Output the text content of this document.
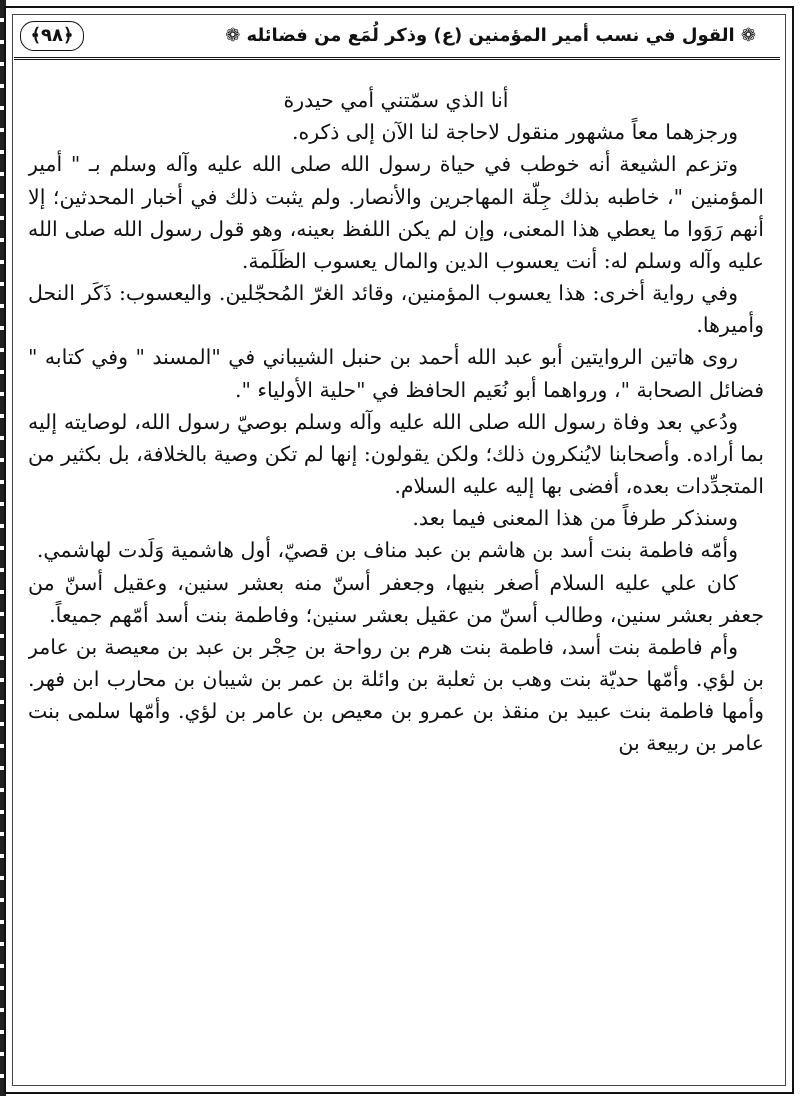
❁ القول في نسب أمير المؤمنين (ع) وذكر لُمَع من فضائله ❁
﴿٩٨﴾

أنا الذي سمّتني أمي حيدرة

ورجزهما معاً مشهور منقول لاحاجة لنا الآن إلى ذكره.

وتزعم الشيعة أنه خوطب في حياة رسول الله صلى الله عليه وآله وسلم بـ " أمير المؤمنين "، خاطبه بذلك جِلّة المهاجرين والأنصار. ولم يثبت ذلك في أخبار المحدثين؛ إلا أنهم رَوَوا ما يعطي هذا المعنى، وإن لم يكن اللفظ بعينه، وهو قول رسول الله صلى الله عليه وآله وسلم له: أنت يعسوب الدين والمال يعسوب الظَلَمة.

وفي رواية أخرى: هذا يعسوب المؤمنين، وقائد الغرّ المُحجّلين. واليعسوب: ذَكَر النحل وأميرها.

روى هاتين الروايتين أبو عبد الله أحمد بن حنبل الشيباني في "المسند " وفي كتابه " فضائل الصحابة "، ورواهما أبو نُعَيم الحافظ في "حلية الأولياء ".

ودُعي بعد وفاة رسول الله صلى الله عليه وآله وسلم بوصيّ رسول الله، لوصايته إليه بما أراده. وأصحابنا لايُنكرون ذلك؛ ولكن يقولون: إنها لم تكن وصية بالخلافة، بل بكثير من المتجدِّدات بعده، أفضى بها إليه عليه السلام.

وسنذكر طرفاً من هذا المعنى فيما بعد.

وأمّه فاطمة بنت أسد بن هاشم بن عبد مناف بن قصيّ، أول هاشمية وَلَدت لهاشمي.

كان علي عليه السلام أصغر بنيها، وجعفر أسنّ منه بعشر سنين، وعقيل أسنّ من جعفر بعشر سنين، وطالب أسنّ من عقيل بعشر سنين؛ وفاطمة بنت أسد أمّهم جميعاً.

وأم فاطمة بنت أسد، فاطمة بنت هرم بن رواحة بن حِجْر بن عبد بن معيصة بن عامر بن لؤي. وأمّها حديّة بنت وهب بن ثعلبة بن وائلة بن عمر بن شيبان بن محارب ابن فهر. وأمها فاطمة بنت عبيد بن منقذ بن عمرو بن معيص بن عامر بن لؤي. وأمّها سلمى بنت عامر بن ربيعة بن
